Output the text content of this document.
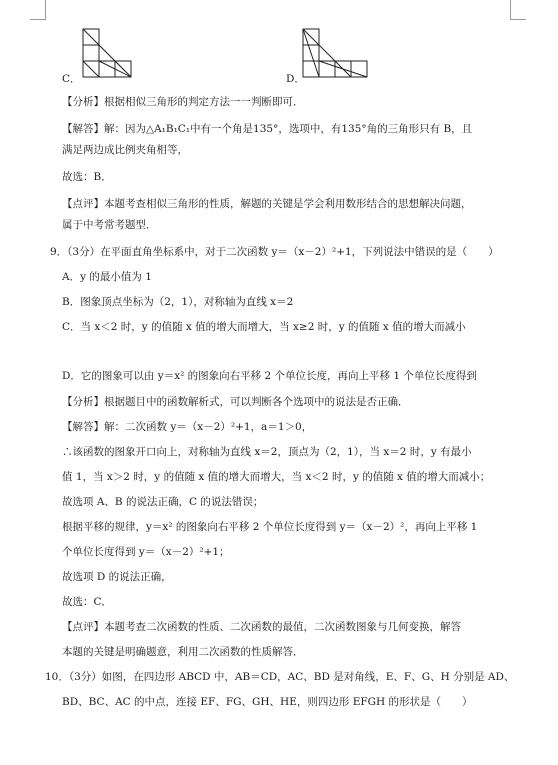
C．	D．
【分析】根据相似三角形的判定方法一一判断即可．
【解答】解：因为△A₁B₁C₁中有一个角是135°，选项中，有135°角的三角形只有 B，且
满足两边成比例夹角相等，
故选：B．
【点评】本题考查相似三角形的性质，解题的关键是学会利用数形结合的思想解决问题，
属于中考常考题型．
9．（3分）在平面直角坐标系中，对于二次函数 y＝（x－2）²+1，下列说法中错误的是（　　）
A．y 的最小值为 1
B．图象顶点坐标为（2，1），对称轴为直线 x＝2
C．当 x＜2 时，y 的值随 x 值的增大而增大，当 x≥2 时，y 的值随 x 值的增大而减小
D．它的图象可以由 y＝x² 的图象向右平移 2 个单位长度，再向上平移 1 个单位长度得到
【分析】根据题目中的函数解析式，可以判断各个选项中的说法是否正确．
【解答】解：二次函数 y＝（x－2）²+1，a＝1＞0，
∴该函数的图象开口向上，对称轴为直线 x＝2，顶点为（2，1），当 x＝2 时，y 有最小
值 1，当 x＞2 时，y 的值随 x 值的增大而增大，当 x＜2 时，y 的值随 x 值的增大而减小；
故选项 A、B 的说法正确，C 的说法错误；
根据平移的规律，y＝x² 的图象向右平移 2 个单位长度得到 y＝（x－2）²，再向上平移 1
个单位长度得到 y＝（x－2）²+1；
故选项 D 的说法正确，
故选：C．
【点评】本题考查二次函数的性质、二次函数的最值，二次函数图象与几何变换，解答
本题的关键是明确题意，利用二次函数的性质解答．
10．（3分）如图，在四边形 ABCD 中，AB＝CD，AC、BD 是对角线，E、F、G、H 分别是 AD、
BD、BC、AC 的中点，连接 EF、FG、GH、HE，则四边形 EFGH 的形状是（　　）
